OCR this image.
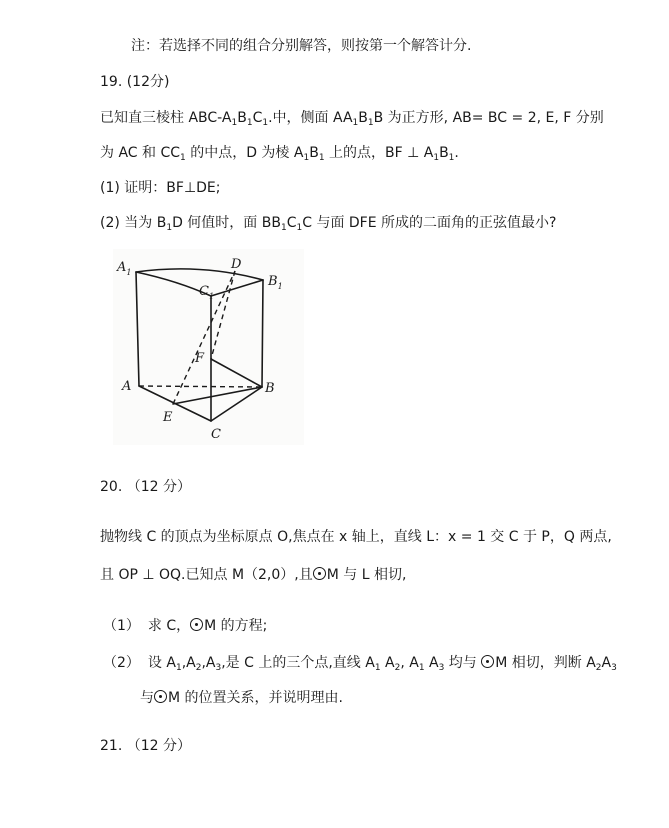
注：若选择不同的组合分别解答，则按第一个解答计分.
19. (12分)
已知直三棱柱 ABC-$A_1B_1C_1$.中，侧面 $AA_1B_1B$ 为正方形, AB= BC = 2, E, F 分别
为 AC 和 $CC_1$ 的中点，D 为棱 $A_1B_1$ 上的点，BF ⊥ $A_1B_1$.
(1) 证明：BF⊥DE;
(2) 当为 $B_1D$ 何值时，面 $BB_1C_1C$ 与面 DFE 所成的二面角的正弦值最小?
$A_1$
D
$B_1$
$C_1$
F
A	B
E
C
20. （12 分）
抛物线 C 的顶点为坐标原点 O,焦点在 x 轴上，直线 L：x = 1 交 C 于 P，Q 两点,
且 OP ⊥ OQ.已知点 M（2,0）,且 M 与 L 相切,
（1） 求 C， M 的方程;
（2） 设 $A_1,A_2,A_3$,是 C 上的三个点,直线 $A_1$ $A_2$, $A_1$ $A_3$ 均与 M 相切，判断 $A_2A_3$
与 M 的位置关系，并说明理由.
21. （12 分）
